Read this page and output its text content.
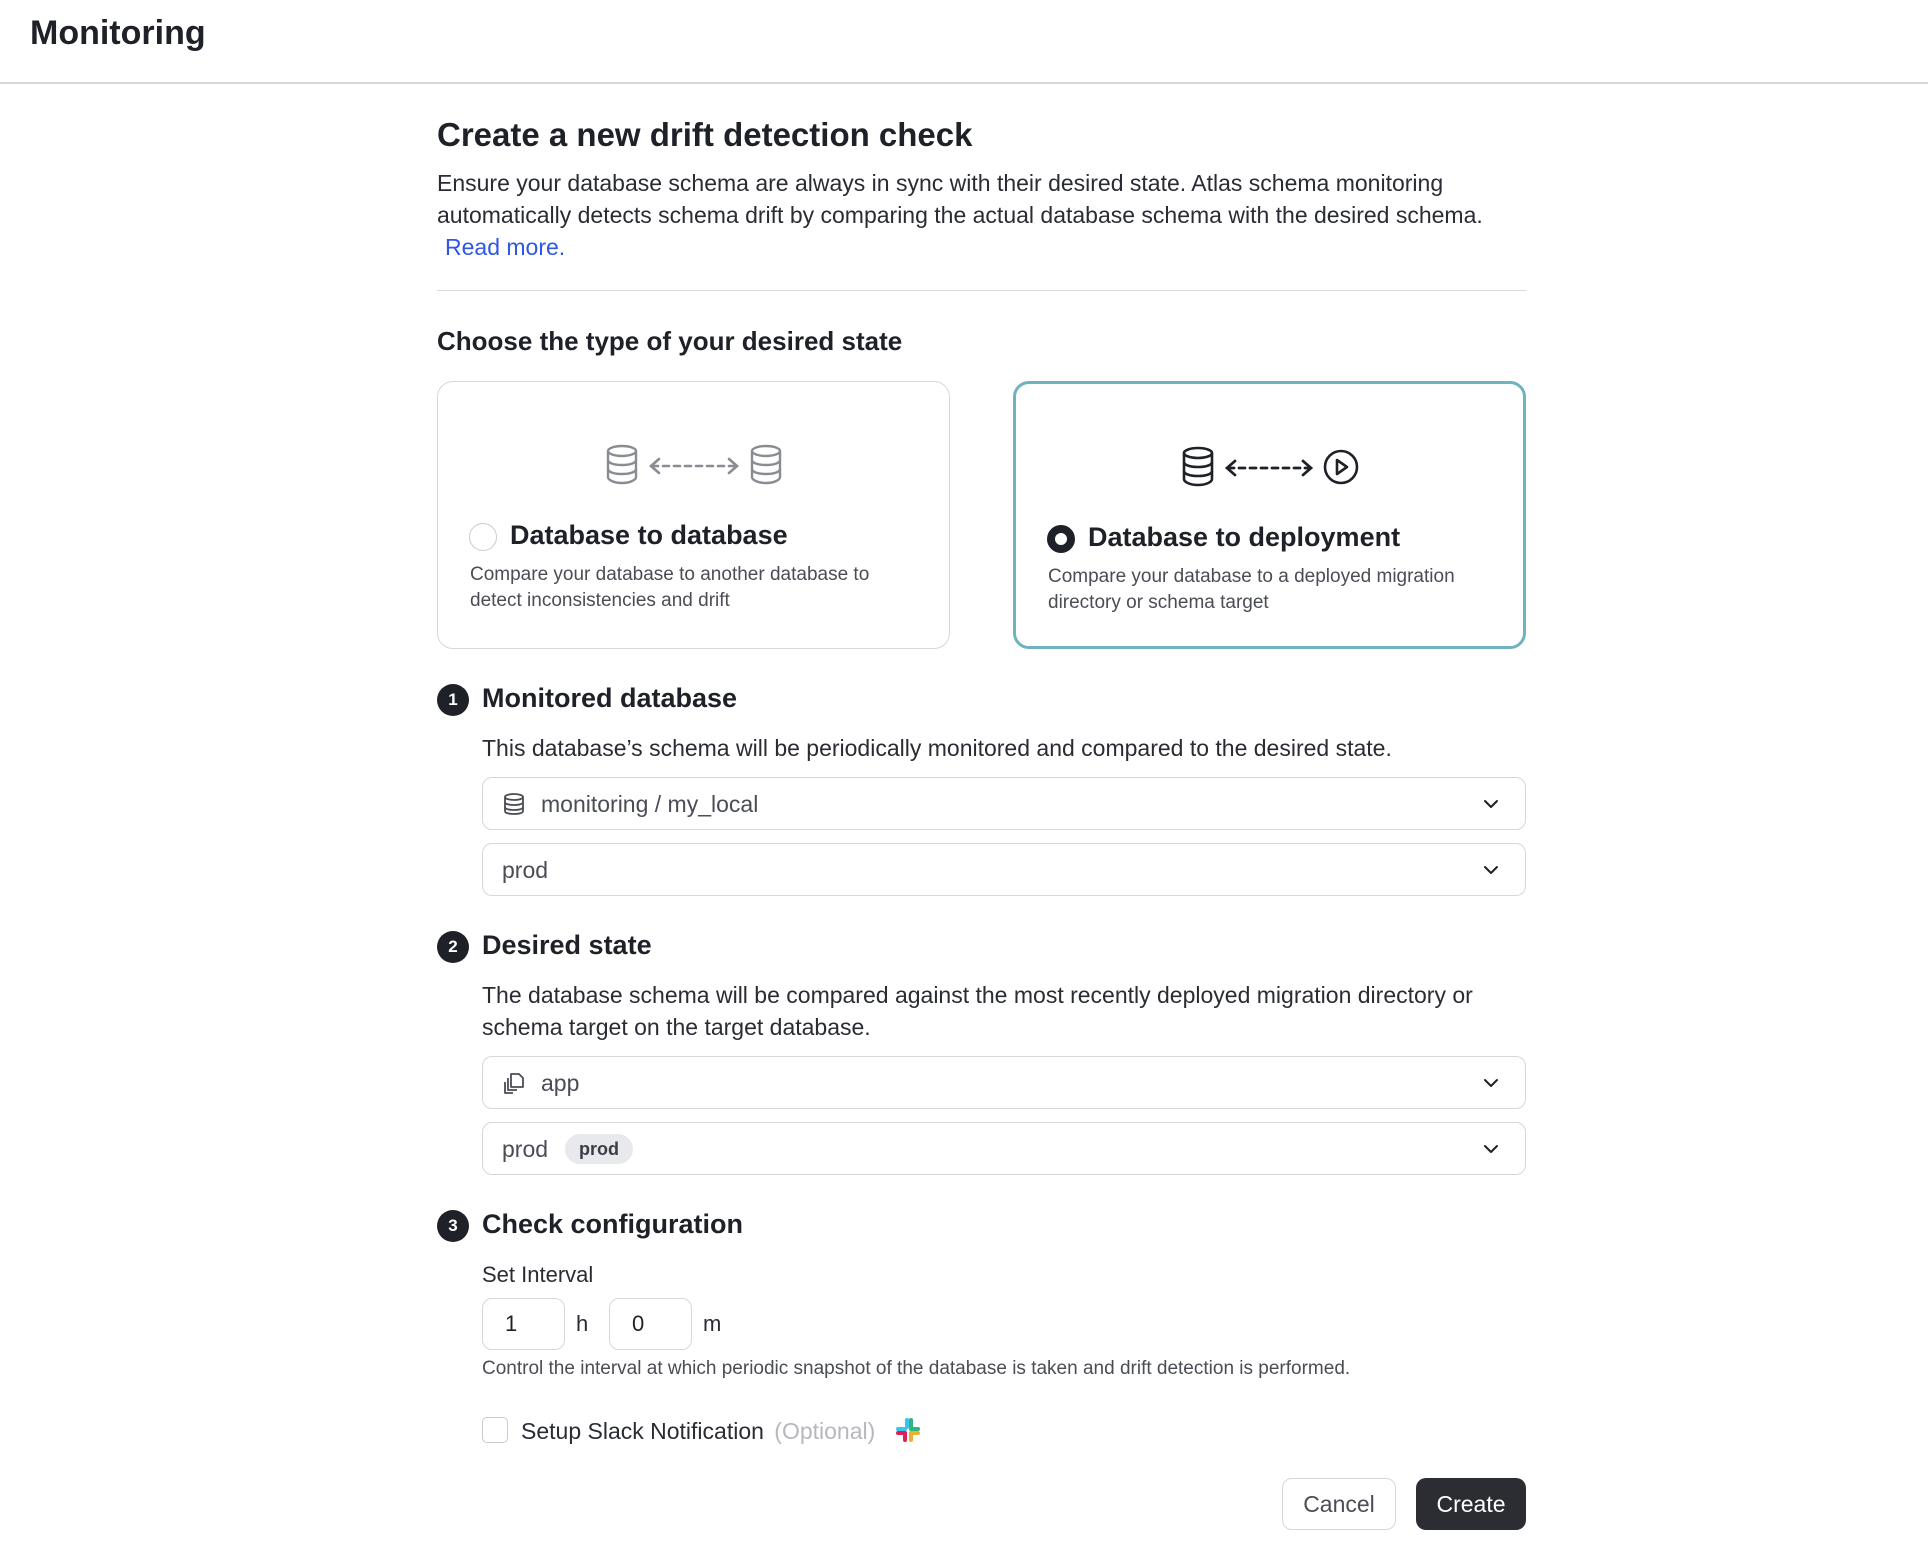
Monitoring
Create a new drift detection check
Ensure your database schema are always in sync with their desired state. Atlas schema monitoring automatically detects schema drift by comparing the actual database schema with the desired schema. Read more.
Choose the type of your desired state
Database to database
Compare your database to another database to detect inconsistencies and drift
Database to deployment
Compare your database to a deployed migration directory or schema target
1 Monitored database
This database’s schema will be periodically monitored and compared to the desired state.
monitoring / my_local
prod
2 Desired state
The database schema will be compared against the most recently deployed migration directory or schema target on the target database.
app
prod	prod
3 Check configuration
Set Interval
1	h	0	m
Control the interval at which periodic snapshot of the database is taken and drift detection is performed.
Setup Slack Notification (Optional)
Cancel	Create
